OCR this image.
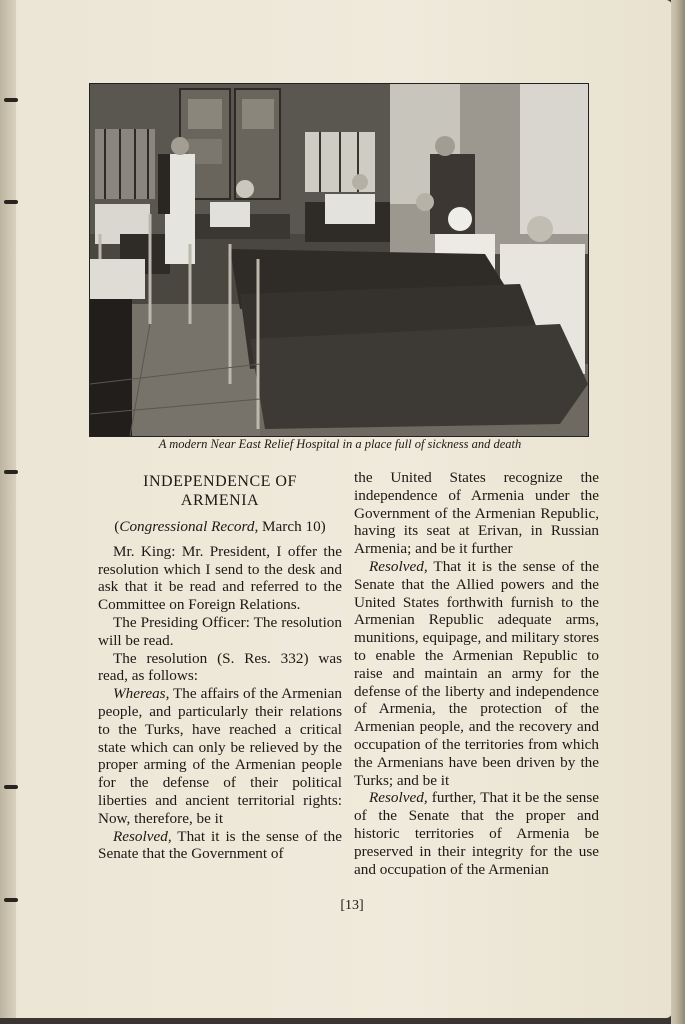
A modern Near East Relief Hospital in a place full of sickness and death

INDEPENDENCE OF
ARMENIA

(Congressional Record, March 10)

Mr. King: Mr. President, I offer the resolution which I send to the desk and ask that it be read and referred to the Committee on Foreign Relations.

The Presiding Officer: The resolution will be read.

The resolution (S. Res. 332) was read, as follows:

Whereas, The affairs of the Armenian people, and particularly their relations to the Turks, have reached a critical state which can only be relieved by the proper arming of the Armenian people for the defense of their political liberties and ancient territorial rights: Now, therefore, be it

Resolved, That it is the sense of the Senate that the Government of

the United States recognize the independence of Armenia under the Government of the Armenian Republic, having its seat at Erivan, in Russian Armenia; and be it further

Resolved, That it is the sense of the Senate that the Allied powers and the United States forthwith furnish to the Armenian Republic adequate arms, munitions, equipage, and military stores to enable the Armenian Republic to raise and maintain an army for the defense of the liberty and independence of Armenia, the protection of the Armenian people, and the recovery and occupation of the territories from which the Armenians have been driven by the Turks; and be it

Resolved, further, That it be the sense of the Senate that the proper and historic territories of Armenia be preserved in their integrity for the use and occupation of the Armenian

[13]
